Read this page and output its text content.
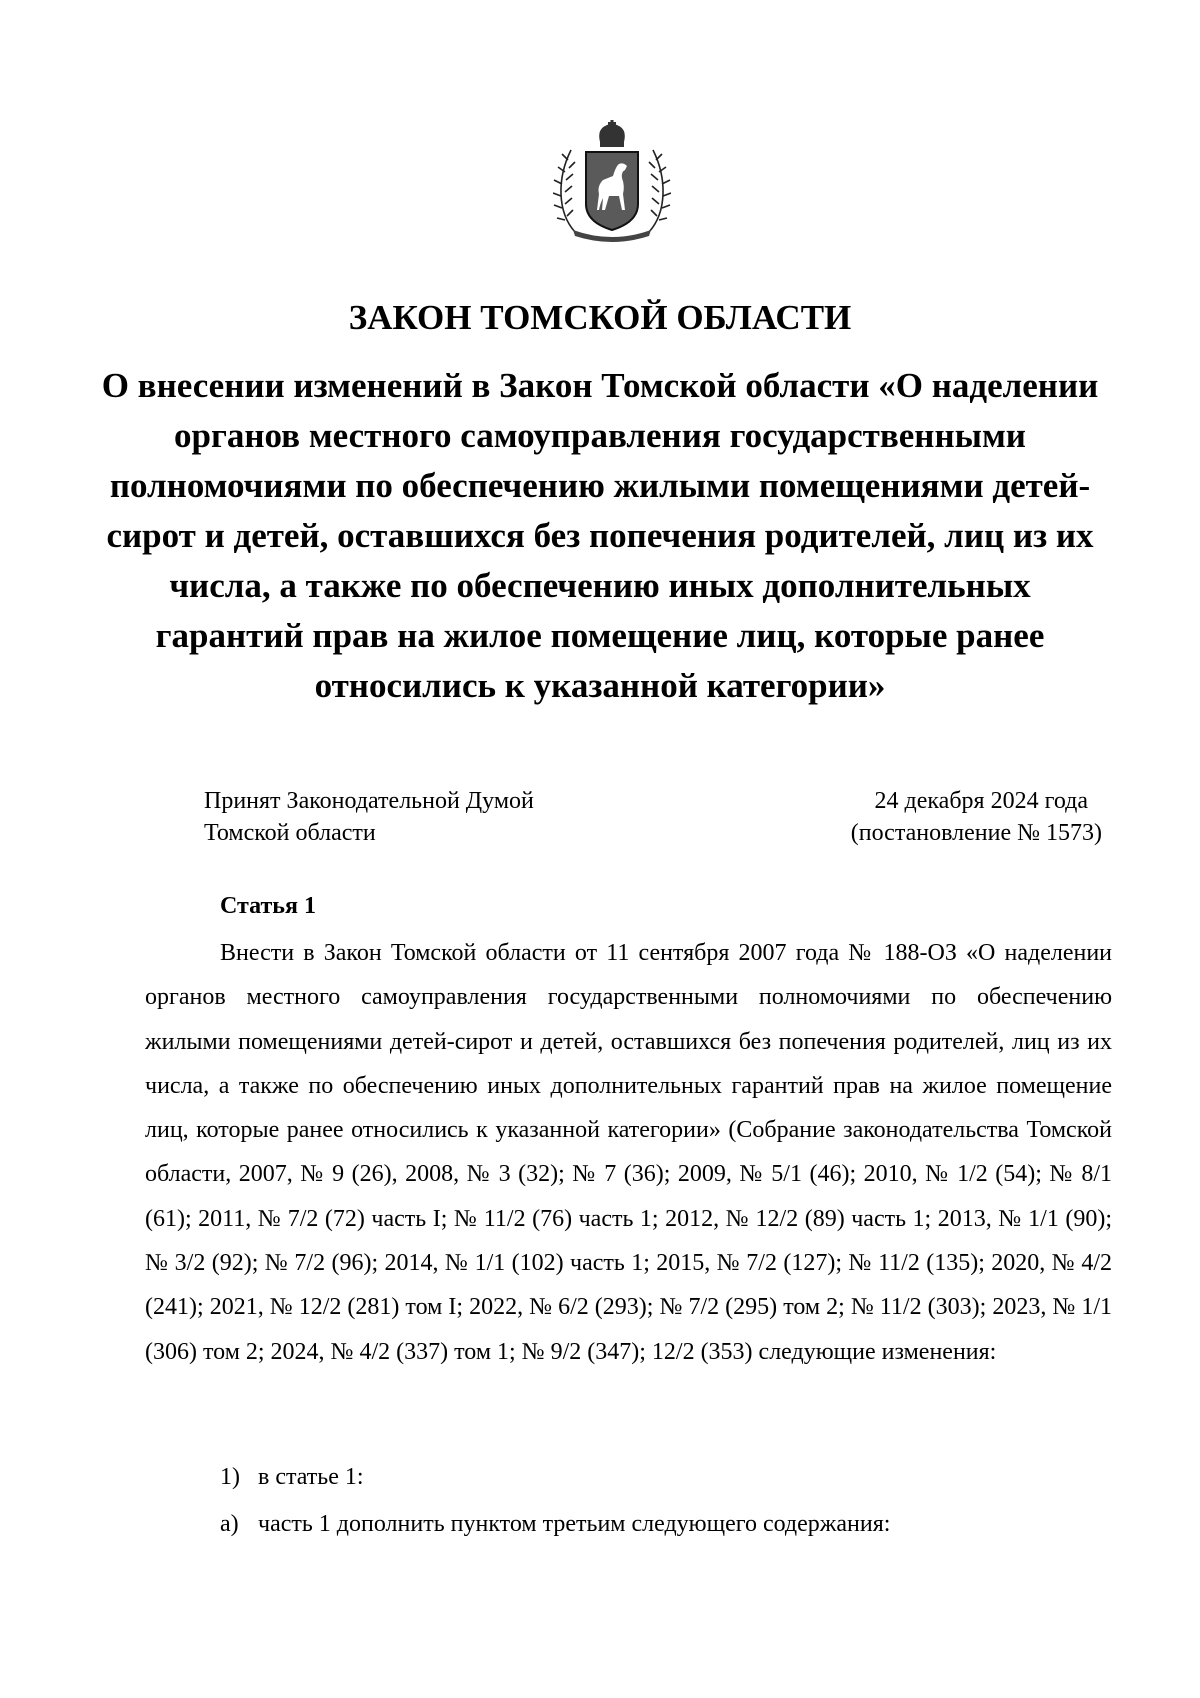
ЗАКОН ТОМСКОЙ ОБЛАСТИ

О внесении изменений в Закон Томской области «О наделении органов местного самоуправления государственными полномочиями по обеспечению жилыми помещениями детей-сирот и детей, оставшихся без попечения родителей, лиц из их числа, а также по обеспечению иных дополнительных гарантий прав на жилое помещение лиц, которые ранее относились к указанной категории»

Принят Законодательной Думой
Томской области
24 декабря 2024 года
(постановление № 1573)
Статья 1

Внести в Закон Томской области от 11 сентября 2007 года № 188-ОЗ «О наделении органов местного самоуправления государственными полномочиями по обеспечению жилыми помещениями детей-сирот и детей, оставшихся без попечения родителей, лиц из их числа, а также по обеспечению иных дополнительных гарантий прав на жилое помещение лиц, которые ранее относились к указанной категории» (Собрание законодательства Томской области, 2007, № 9 (26), 2008, № 3 (32); № 7 (36); 2009, № 5/1 (46); 2010, № 1/2 (54); № 8/1 (61); 2011, № 7/2 (72) часть I; № 11/2 (76) часть 1; 2012, № 12/2 (89) часть 1; 2013, № 1/1 (90); № 3/2 (92); № 7/2 (96); 2014, № 1/1 (102) часть 1; 2015, № 7/2 (127); № 11/2 (135); 2020, № 4/2 (241); 2021, № 12/2 (281) том I; 2022, № 6/2 (293); № 7/2 (295) том 2; № 11/2 (303); 2023, № 1/1 (306) том 2; 2024, № 4/2 (337) том 1; № 9/2 (347); 12/2 (353) следующие изменения:

1) в статье 1:
а) часть 1 дополнить пунктом третьим следующего содержания:
